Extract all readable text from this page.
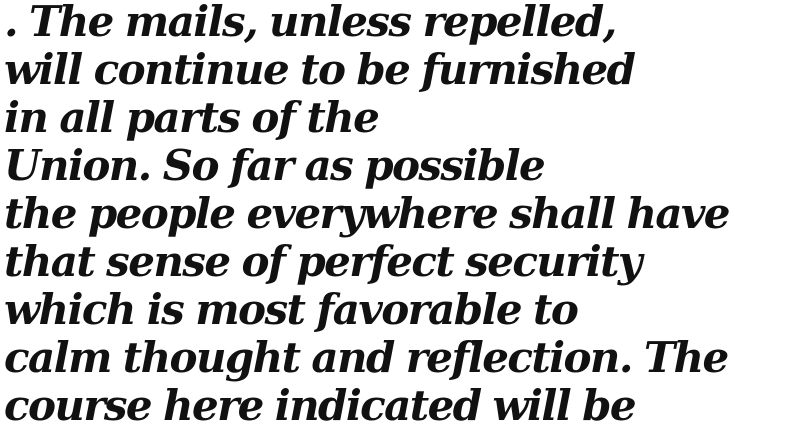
. The mails, unless repelled,
will continue to be furnished
in all parts of the
Union. So far as possible
the people everywhere shall have
that sense of perfect security
which is most favorable to
calm thought and reflection. The
course here indicated will be
